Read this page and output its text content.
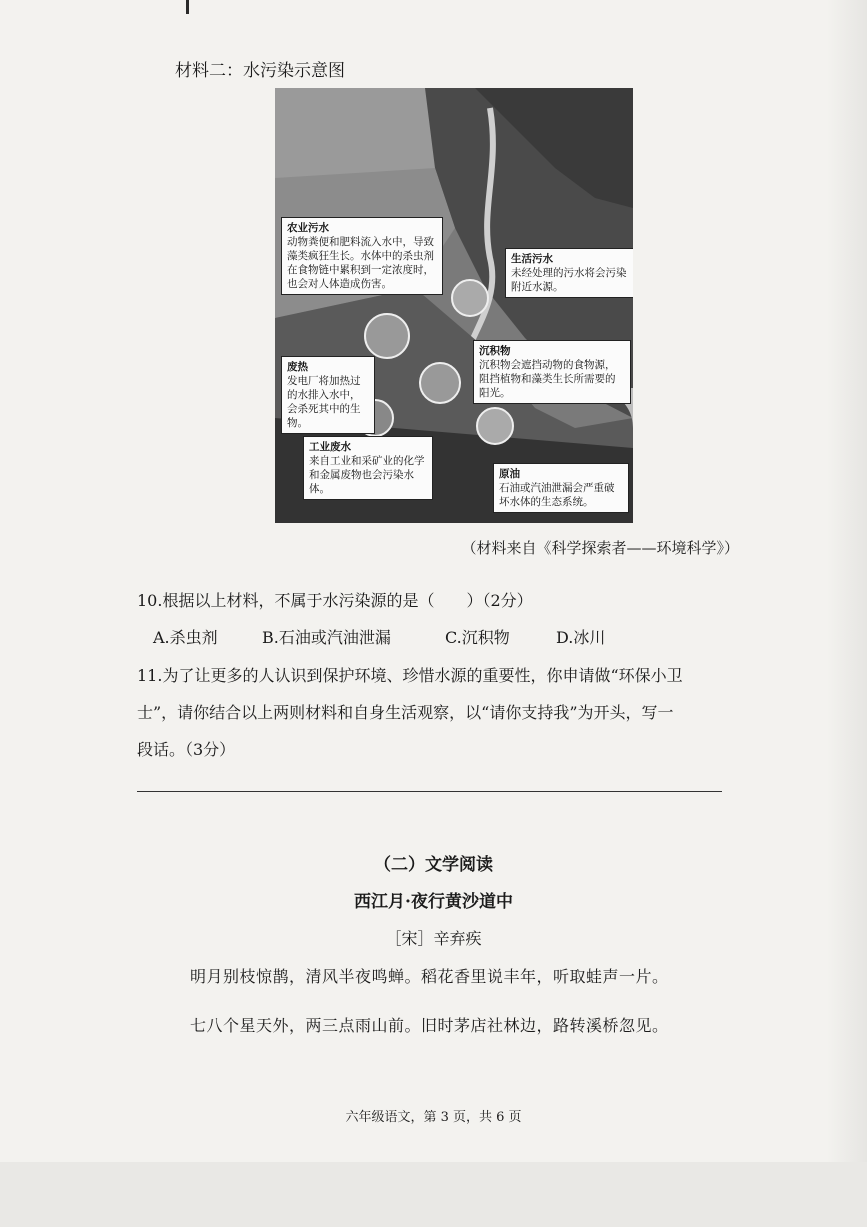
材料二：水污染示意图
农业污水
动物粪便和肥料流入水中，导致藻类疯狂生长。水体中的杀虫剂在食物链中累积到一定浓度时，也会对人体造成伤害。
生活污水
未经处理的污水将会污染附近水源。
废热
发电厂将加热过的水排入水中，会杀死其中的生物。
沉积物
沉积物会遮挡动物的食物源，阻挡植物和藻类生长所需要的阳光。
工业废水
来自工业和采矿业的化学和金属废物也会污染水体。
原油
石油或汽油泄漏会严重破坏水体的生态系统。
（材料来自《科学探索者——环境科学》）
10.根据以上材料，不属于水污染源的是（　　）（2分）
A.杀虫剂	B.石油或汽油泄漏	C.沉积物	D.冰川
11.为了让更多的人认识到保护环境、珍惜水源的重要性，你申请做“环保小卫
士”，请你结合以上两则材料和自身生活观察，以“请你支持我”为开头，写一
段话。（3分）
（二）文学阅读
西江月·夜行黄沙道中
［宋］辛弃疾
明月别枝惊鹊，清风半夜鸣蝉。稻花香里说丰年，听取蛙声一片。
七八个星天外，两三点雨山前。旧时茅店社林边，路转溪桥忽见。
六年级语文，第 3 页，共 6 页
